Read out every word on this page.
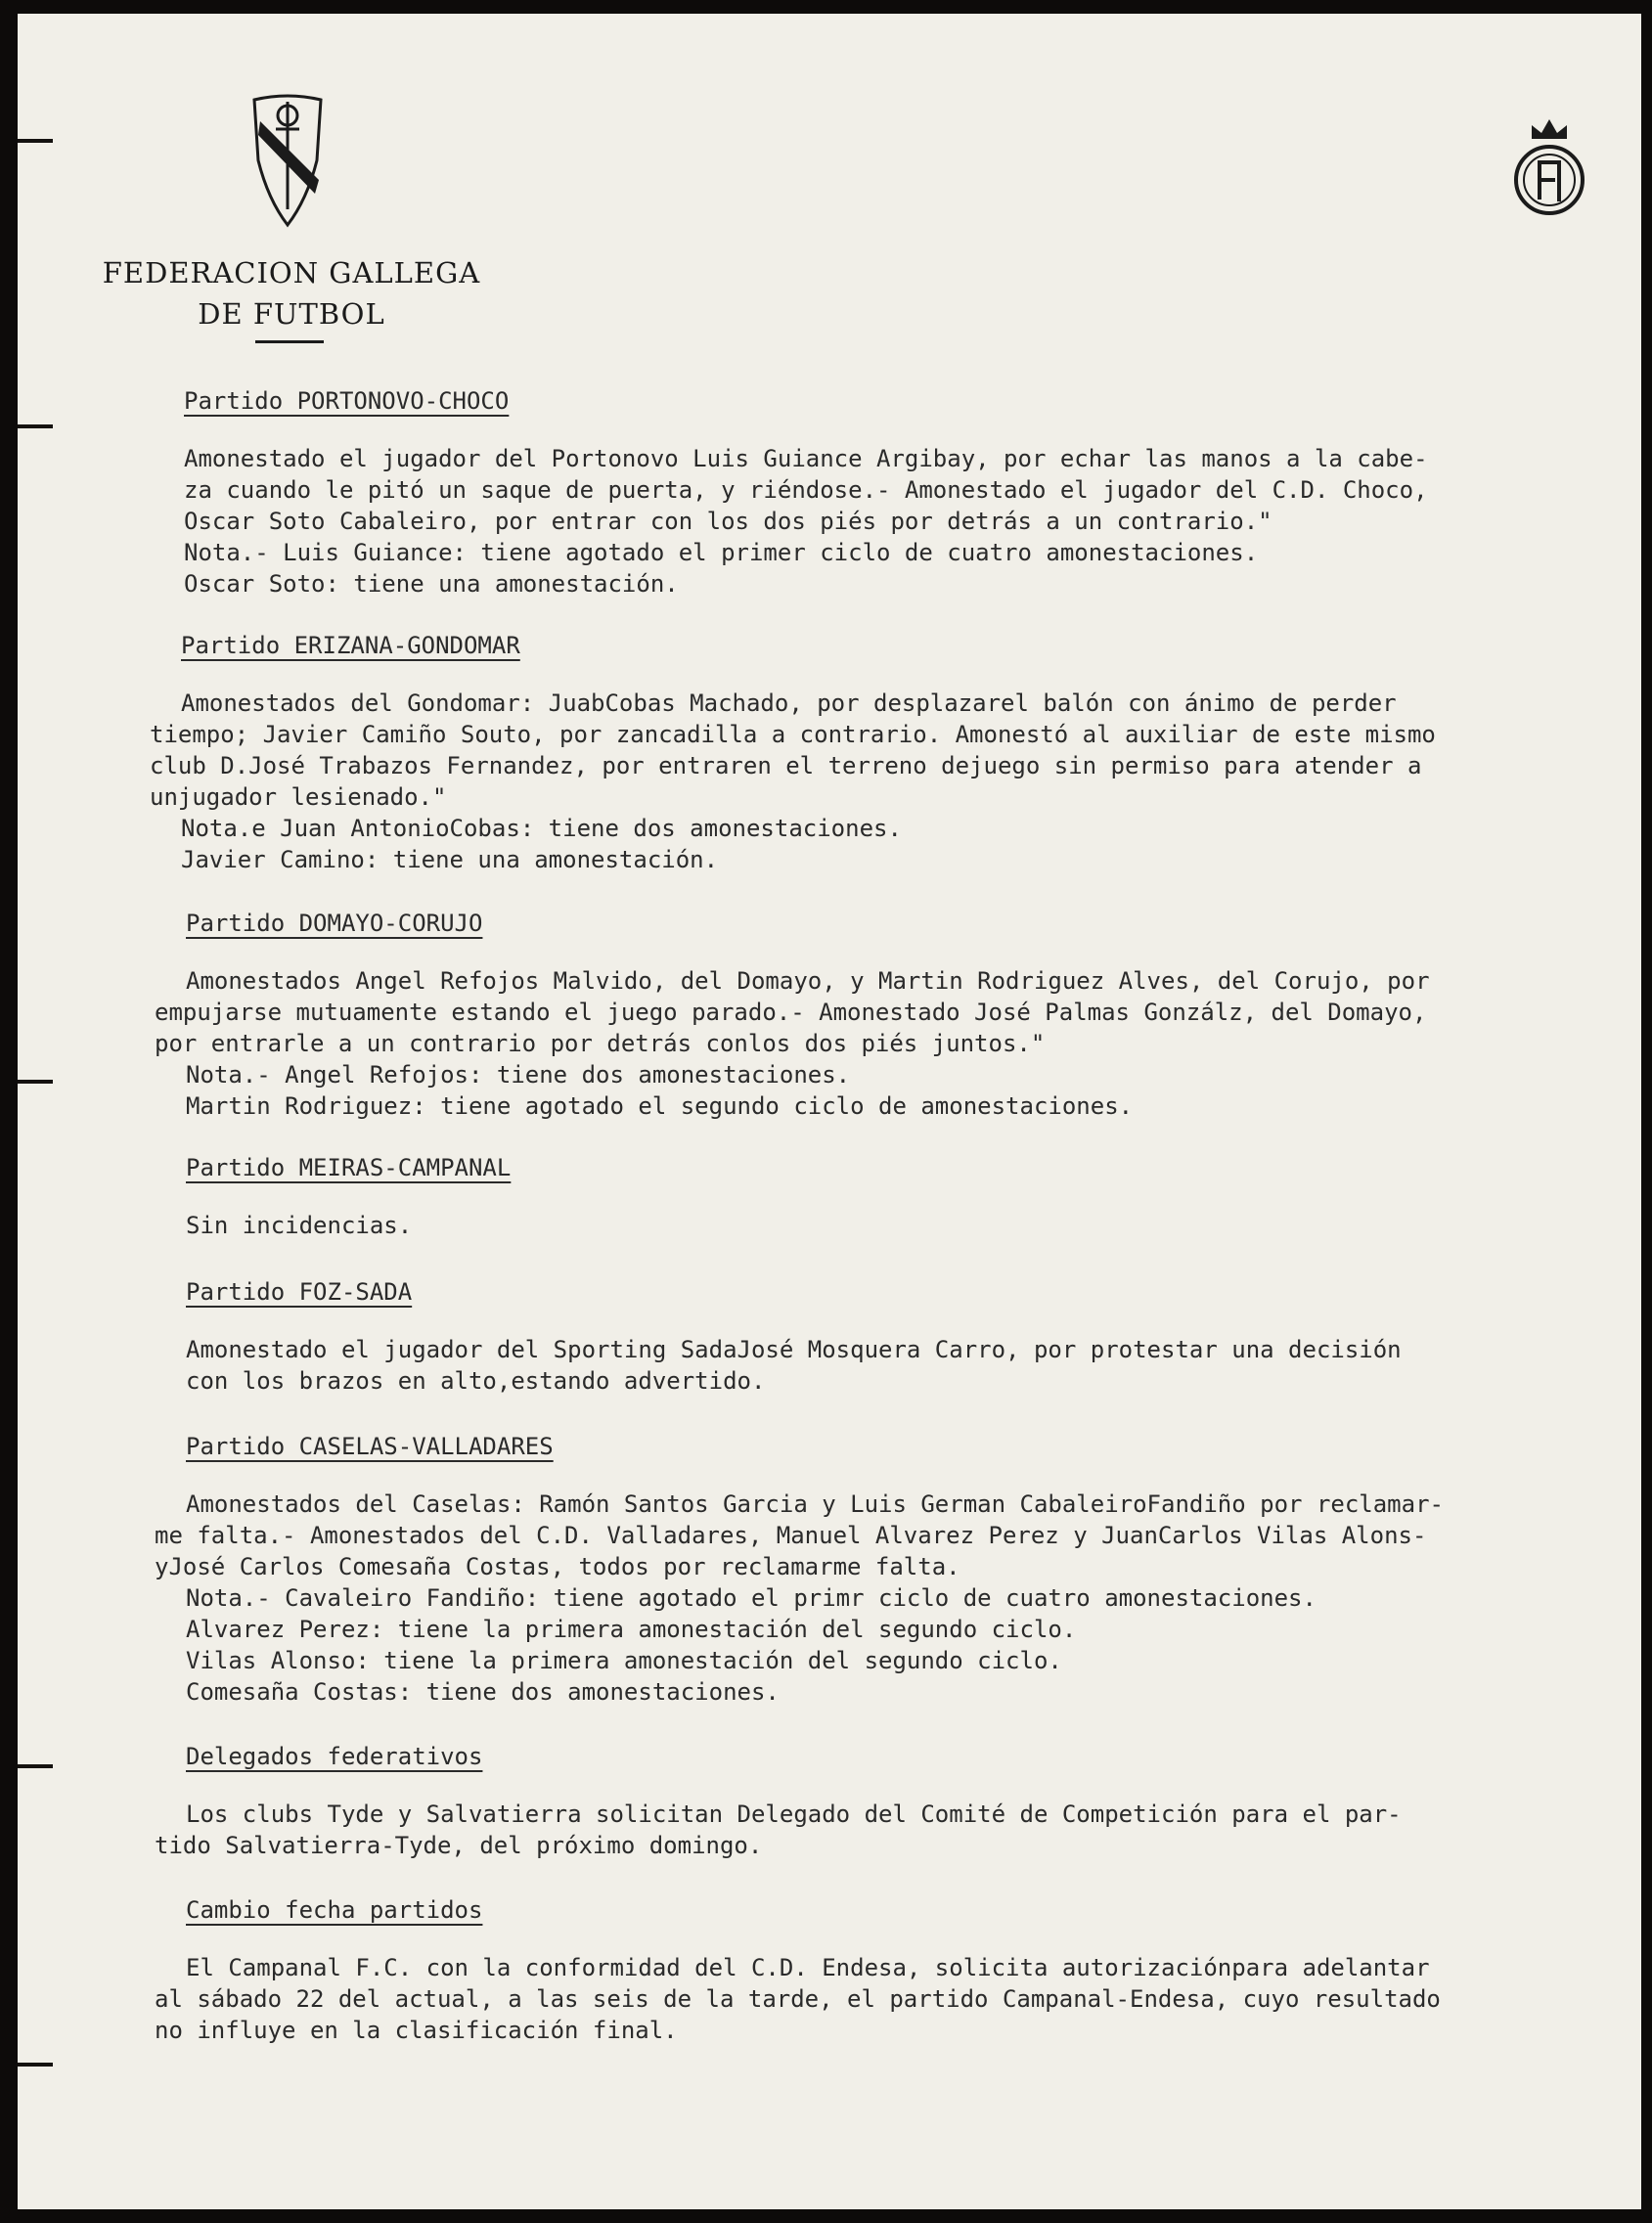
FEDERACION GALLEGA
DE FUTBOL
Partido PORTONOVO-CHOCO
Amonestado el jugador del Portonovo Luis Guiance Argibay, por echar las manos a la cabe-
za cuando le pitó un saque de puerta, y riéndose.- Amonestado el jugador del C.D. Choco,
Oscar Soto Cabaleiro, por entrar con los dos piés por detrás a un contrario."
Nota.- Luis Guiance: tiene agotado el primer ciclo de cuatro amonestaciones.
Oscar Soto: tiene una amonestación.
Partido ERIZANA-GONDOMAR
Amonestados del Gondomar: JuabCobas Machado, por desplazarel balón con ánimo de perder
tiempo; Javier Camiño Souto, por zancadilla a contrario. Amonestó al auxiliar de este mismo
club D.José Trabazos Fernandez, por entraren el terreno dejuego sin permiso para atender a
unjugador lesienado."
Nota.e Juan AntonioCobas: tiene dos amonestaciones.
Javier Camino: tiene una amonestación.
Partido DOMAYO-CORUJO
Amonestados Angel Refojos Malvido, del Domayo, y Martin Rodriguez Alves, del Corujo, por
empujarse mutuamente estando el juego parado.- Amonestado José Palmas Gonzálz, del Domayo,
por entrarle a un contrario por detrás conlos dos piés juntos."
Nota.- Angel Refojos: tiene dos amonestaciones.
Martin Rodriguez: tiene agotado el segundo ciclo de amonestaciones.
Partido MEIRAS-CAMPANAL
Sin incidencias.
Partido FOZ-SADA
Amonestado el jugador del Sporting SadaJosé Mosquera Carro, por protestar una decisión
con los brazos en alto,estando advertido.
Partido CASELAS-VALLADARES
Amonestados del Caselas: Ramón Santos Garcia y Luis German CabaleiroFandiño por reclamar-
me falta.- Amonestados del C.D. Valladares, Manuel Alvarez Perez y JuanCarlos Vilas Alons-
yJosé Carlos Comesaña Costas, todos por reclamarme falta.
Nota.- Cavaleiro Fandiño: tiene agotado el primr ciclo de cuatro amonestaciones.
Alvarez Perez: tiene la primera amonestación del segundo ciclo.
Vilas Alonso: tiene la primera amonestación del segundo ciclo.
Comesaña Costas: tiene dos amonestaciones.
Delegados federativos
Los clubs Tyde y Salvatierra solicitan Delegado del Comité de Competición para el par-
tido Salvatierra-Tyde, del próximo domingo.
Cambio fecha partidos
El Campanal F.C. con la conformidad del C.D. Endesa, solicita autorizaciónpara adelantar
al sábado 22 del actual, a las seis de la tarde, el partido Campanal-Endesa, cuyo resultado
no influye en la clasificación final.
